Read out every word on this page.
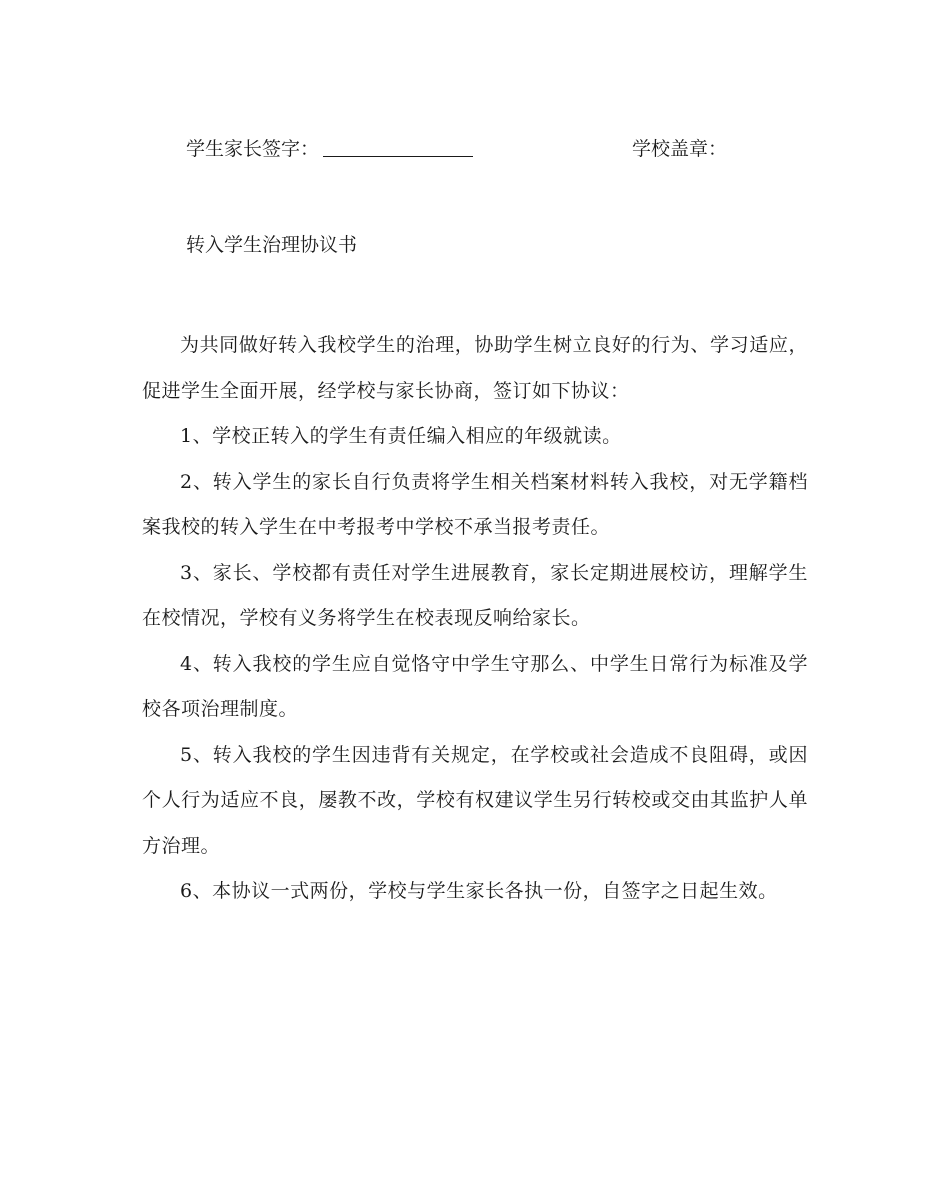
学生家长签字：	学校盖章：
转入学生治理协议书

为共同做好转入我校学生的治理，协助学生树立良好的行为、学习适应，促进学生全面开展，经学校与家长协商，签订如下协议：

1、学校正转入的学生有责任编入相应的年级就读。

2、转入学生的家长自行负责将学生相关档案材料转入我校，对无学籍档案我校的转入学生在中考报考中学校不承当报考责任。

3、家长、学校都有责任对学生进展教育，家长定期进展校访，理解学生在校情况，学校有义务将学生在校表现反响给家长。

4、转入我校的学生应自觉恪守中学生守那么、中学生日常行为标准及学校各项治理制度。

5、转入我校的学生因违背有关规定，在学校或社会造成不良阻碍，或因个人行为适应不良，屡教不改，学校有权建议学生另行转校或交由其监护人单方治理。

6、本协议一式两份，学校与学生家长各执一份，自签字之日起生效。
